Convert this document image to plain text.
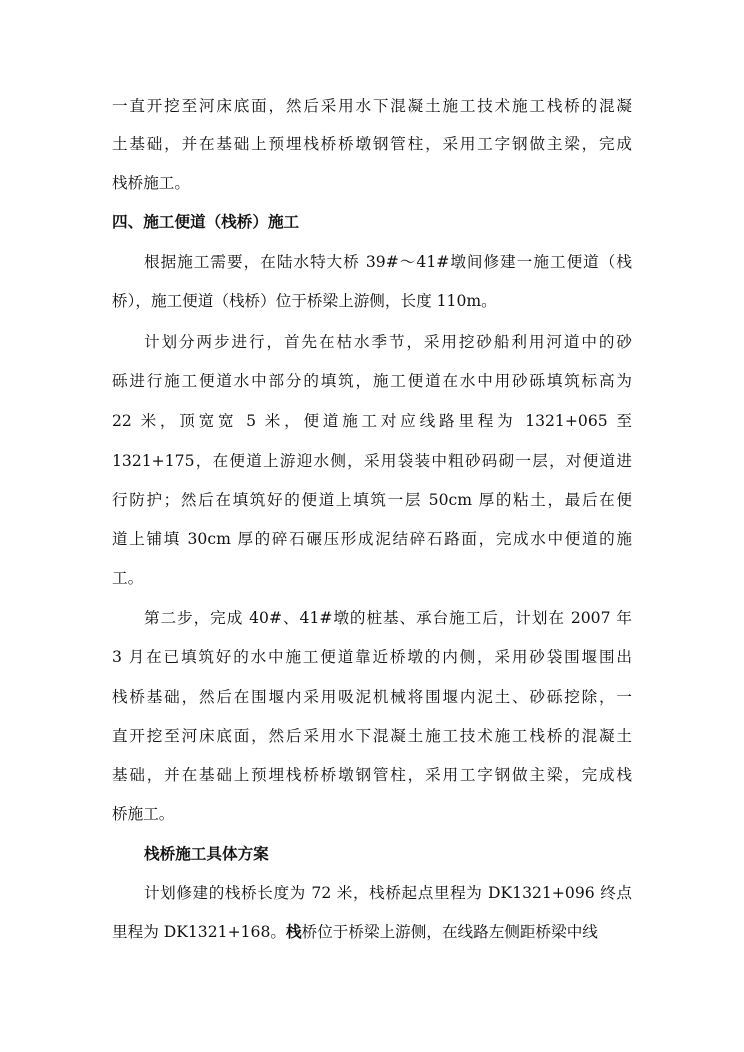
一直开挖至河床底面，然后采用水下混凝土施工技术施工栈桥的混凝
土基础，并在基础上预埋栈桥桥墩钢管柱，采用工字钢做主梁，完成
栈桥施工。
四、施工便道（栈桥）施工
根据施工需要，在陆水特大桥 39#～41#墩间修建一施工便道（栈
桥），施工便道（栈桥）位于桥梁上游侧，长度 110m。
计划分两步进行，首先在枯水季节，采用挖砂船利用河道中的砂
砾进行施工便道水中部分的填筑，施工便道在水中用砂砾填筑标高为
22 米，顶宽宽 5 米，便道施工对应线路里程为 1321+065 至
1321+175，在便道上游迎水侧，采用袋装中粗砂码砌一层，对便道进
行防护；然后在填筑好的便道上填筑一层 50cm 厚的粘土，最后在便
道上铺填 30cm 厚的碎石碾压形成泥结碎石路面，完成水中便道的施
工。
第二步，完成 40#、41#墩的桩基、承台施工后，计划在 2007 年
3 月在已填筑好的水中施工便道靠近桥墩的内侧，采用砂袋围堰围出
栈桥基础，然后在围堰内采用吸泥机械将围堰内泥土、砂砾挖除，一
直开挖至河床底面，然后采用水下混凝土施工技术施工栈桥的混凝土
基础，并在基础上预埋栈桥桥墩钢管柱，采用工字钢做主梁，完成栈
桥施工。
栈桥施工具体方案
计划修建的栈桥长度为 72 米，栈桥起点里程为 DK1321+096 终点
里程为 DK1321+168。栈桥位于桥梁上游侧，在线路左侧距桥梁中线
